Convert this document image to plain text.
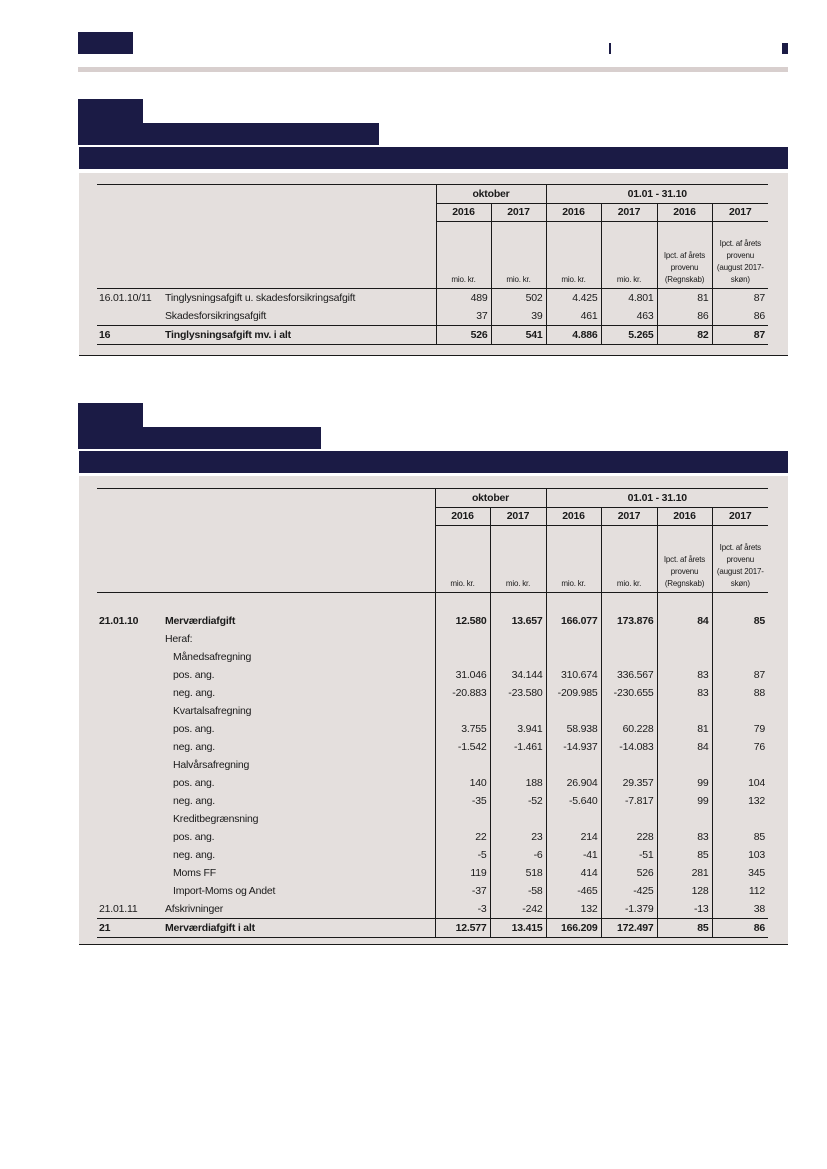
		oktober		01.01 - 31.10			
		2016	2017	2016	2017	2016	2017
		mio. kr.	mio. kr.	mio. kr.	mio. kr.	Ipct. af årets provenu (Regnskab)	Ipct. af årets provenu (august 2017-skøn)
16.01.10/11	Tinglysningsafgift u. skadesforsikringsafgift	489	502	4.425	4.801	81	87
	Skadesforsikringsafgift	37	39	461	463	86	86
16	Tinglysningsafgift mv. i alt	526	541	4.886	5.265	82	87
		oktober		01.01 - 31.10			
		2016	2017	2016	2017	2016	2017
		mio. kr.	mio. kr.	mio. kr.	mio. kr.	Ipct. af årets provenu (Regnskab)	Ipct. af årets provenu (august 2017-skøn)

21.01.10	Merværdiafgift	12.580	13.657	166.077	173.876	84	85
	Heraf:						
	Månedsafregning						
	pos. ang.	31.046	34.144	310.674	336.567	83	87
	neg. ang.	-20.883	-23.580	-209.985	-230.655	83	88
	Kvartalsafregning						
	pos. ang.	3.755	3.941	58.938	60.228	81	79
	neg. ang.	-1.542	-1.461	-14.937	-14.083	84	76
	Halvårsafregning						
	pos. ang.	140	188	26.904	29.357	99	104
	neg. ang.	-35	-52	-5.640	-7.817	99	132
	Kreditbegrænsning						
	pos. ang.	22	23	214	228	83	85
	neg. ang.	-5	-6	-41	-51	85	103
	Moms FF	119	518	414	526	281	345
	Import-Moms og Andet	-37	-58	-465	-425	128	112
21.01.11	Afskrivninger	-3	-242	132	-1.379	-13	38
21	Merværdiafgift i alt	12.577	13.415	166.209	172.497	85	86
